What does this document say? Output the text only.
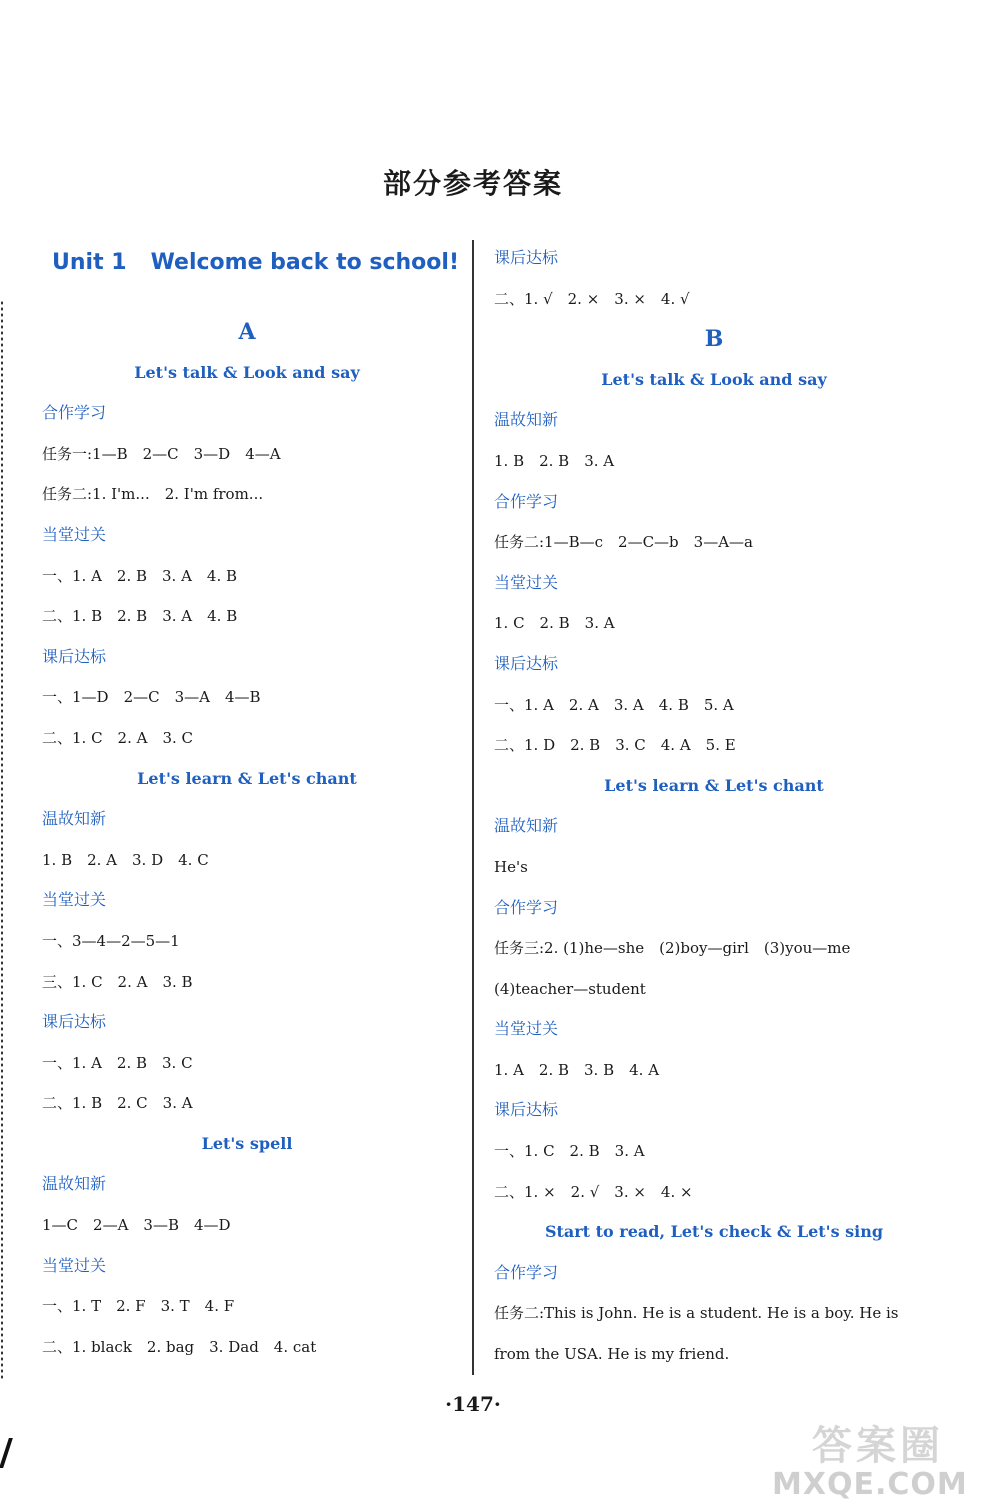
部分参考答案
Unit 1 Welcome back to school!
A
Let's talk & Look and say
合作学习
任务一:1—B　2—C　3—D　4—A
任务二:1. I'm...　2. I'm from...
当堂过关
一、1. A　2. B　3. A　4. B
二、1. B　2. B　3. A　4. B
课后达标
一、1—D　2—C　3—A　4—B
二、1. C　2. A　3. C
Let's learn & Let's chant
温故知新
1. B　2. A　3. D　4. C
当堂过关
一、3—4—2—5—1
三、1. C　2. A　3. B
课后达标
一、1. A　2. B　3. C
二、1. B　2. C　3. A
Let's spell
温故知新
1—C　2—A　3—B　4—D
当堂过关
一、1. T　2. F　3. T　4. F
二、1. black　2. bag　3. Dad　4. cat
课后达标
二、1. √　2. ×　3. ×　4. √
B
Let's talk & Look and say
温故知新
1. B　2. B　3. A
合作学习
任务二:1—B—c　2—C—b　3—A—a
当堂过关
1. C　2. B　3. A
课后达标
一、1. A　2. A　3. A　4. B　5. A
二、1. D　2. B　3. C　4. A　5. E
Let's learn & Let's chant
温故知新
He's
合作学习
任务三:2. (1)he—she　(2)boy—girl　(3)you—me
(4)teacher—student
当堂过关
1. A　2. B　3. B　4. A
课后达标
一、1. C　2. B　3. A
二、1. ×　2. √　3. ×　4. ×
Start to read, Let's check & Let's sing
合作学习
任务二:This is John. He is a student. He is a boy. He is
from the USA. He is my friend.
·147·
答案圈
MXQE.COM
